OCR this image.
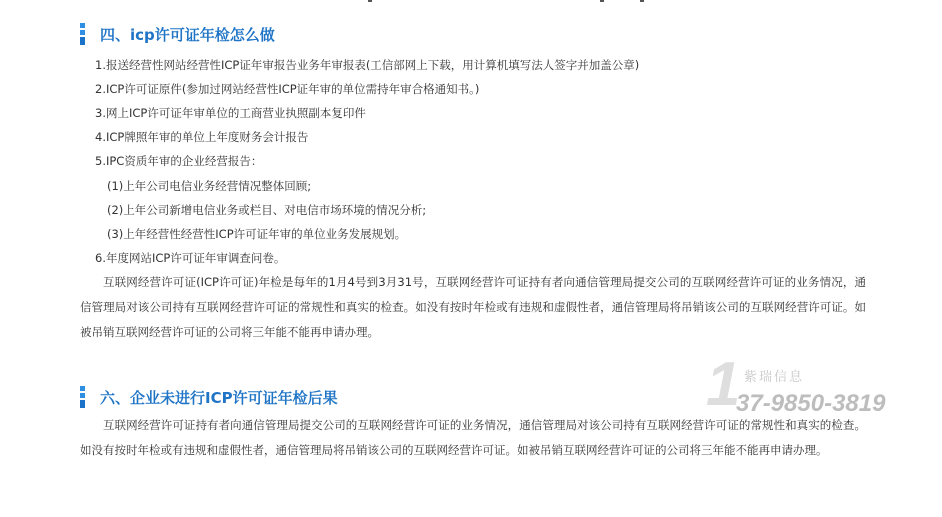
四、icp许可证年检怎么做
1.报送经营性网站经营性ICP证年审报告业务年审报表(工信部网上下载，用计算机填写法人签字并加盖公章)
2.ICP许可证原件(参加过网站经营性ICP证年审的单位需持年审合格通知书。)
3.网上ICP许可证年审单位的工商营业执照副本复印件
4.ICP牌照年审的单位上年度财务会计报告
5.IPC资质年审的企业经营报告：
(1)上年公司电信业务经营情况整体回顾;
(2)上年公司新增电信业务或栏目、对电信市场环境的情况分析;
(3)上年经营性经营性ICP许可证年审的单位业务发展规划。
6.年度网站ICP许可证年审调查问卷。
互联网经营许可证(ICP许可证)年检是每年的1月4号到3月31号，互联网经营许可证持有者向通信管理局提交公司的互联网经营许可证的业务情况，通信管理局对该公司持有互联网经营许可证的常规性和真实的检查。如没有按时年检或有违规和虚假性者，通信管理局将吊销该公司的互联网经营许可证。如被吊销互联网经营许可证的公司将三年能不能再申请办理。
六、企业未进行ICP许可证年检后果
互联网经营许可证持有者向通信管理局提交公司的互联网经营许可证的业务情况，通信管理局对该公司持有互联网经营许可证的常规性和真实的检查。如没有按时年检或有违规和虚假性者，通信管理局将吊销该公司的互联网经营许可证。如被吊销互联网经营许可证的公司将三年能不能再申请办理。
1 紫瑞信息
37-9850-3819
